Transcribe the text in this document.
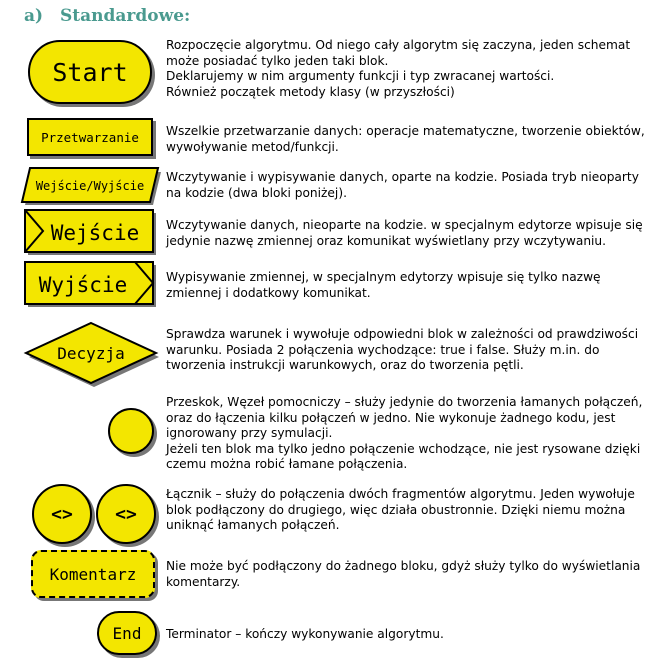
a) Standardowe:
Start

Rozpoczęcie algorytmu. Od niego cały algorytm się zaczyna, jeden schemat

może posiadać tylko jeden taki blok.

Deklarujemy w nim argumenty funkcji i typ zwracanej wartości.

Również początek metody klasy (w przyszłości)

Przetwarzanie Wszelkie przetwarzanie danych: operacje matematyczne, tworzenie obiektów,

wywoływanie metod/funkcji.

Wejście/Wyjście

Wczytywanie i wypisywanie danych, oparte na kodzie. Posiada tryb nieoparty

na kodzie (dwa bloki poniżej).

Wejście Wczytywanie danych, nieoparte na kodzie. w specjalnym edytorze wpisuje się

jedynie nazwę zmiennej oraz komunikat wyświetlany przy wczytywaniu.

Wyjście	Wypisywanie zmiennej, w specjalnym edytorzy wpisuje się tylko nazwę

zmiennej i dodatkowy komunikat.

Decyzja

Sprawdza warunek i wywołuje odpowiedni blok w zależności od prawdziwości

warunku. Posiada 2 połączenia wychodzące: true i false. Służy m.in. do

tworzenia instrukcji warunkowych, oraz do tworzenia pętli.

Przeskok, Węzeł pomocniczy – służy jedynie do tworzenia łamanych połączeń,

oraz do łączenia kilku połączeń w jedno. Nie wykonuje żadnego kodu, jest

ignorowany przy symulacji.

Jeżeli ten blok ma tylko jedno połączenie wchodzące, nie jest rysowane dzięki

czemu można robić łamane połączenia.

<> <>

Łącznik – służy do połączenia dwóch fragmentów algorytmu. Jeden wywołuje

blok podłączony do drugiego, więc działa obustronnie. Dzięki niemu można

uniknąć łamanych połączeń.

Komentarz Nie może być podłączony do żadnego bloku, gdyż służy tylko do wyświetlania

komentarzy.

End Terminator – kończy wykonywanie algorytmu.
